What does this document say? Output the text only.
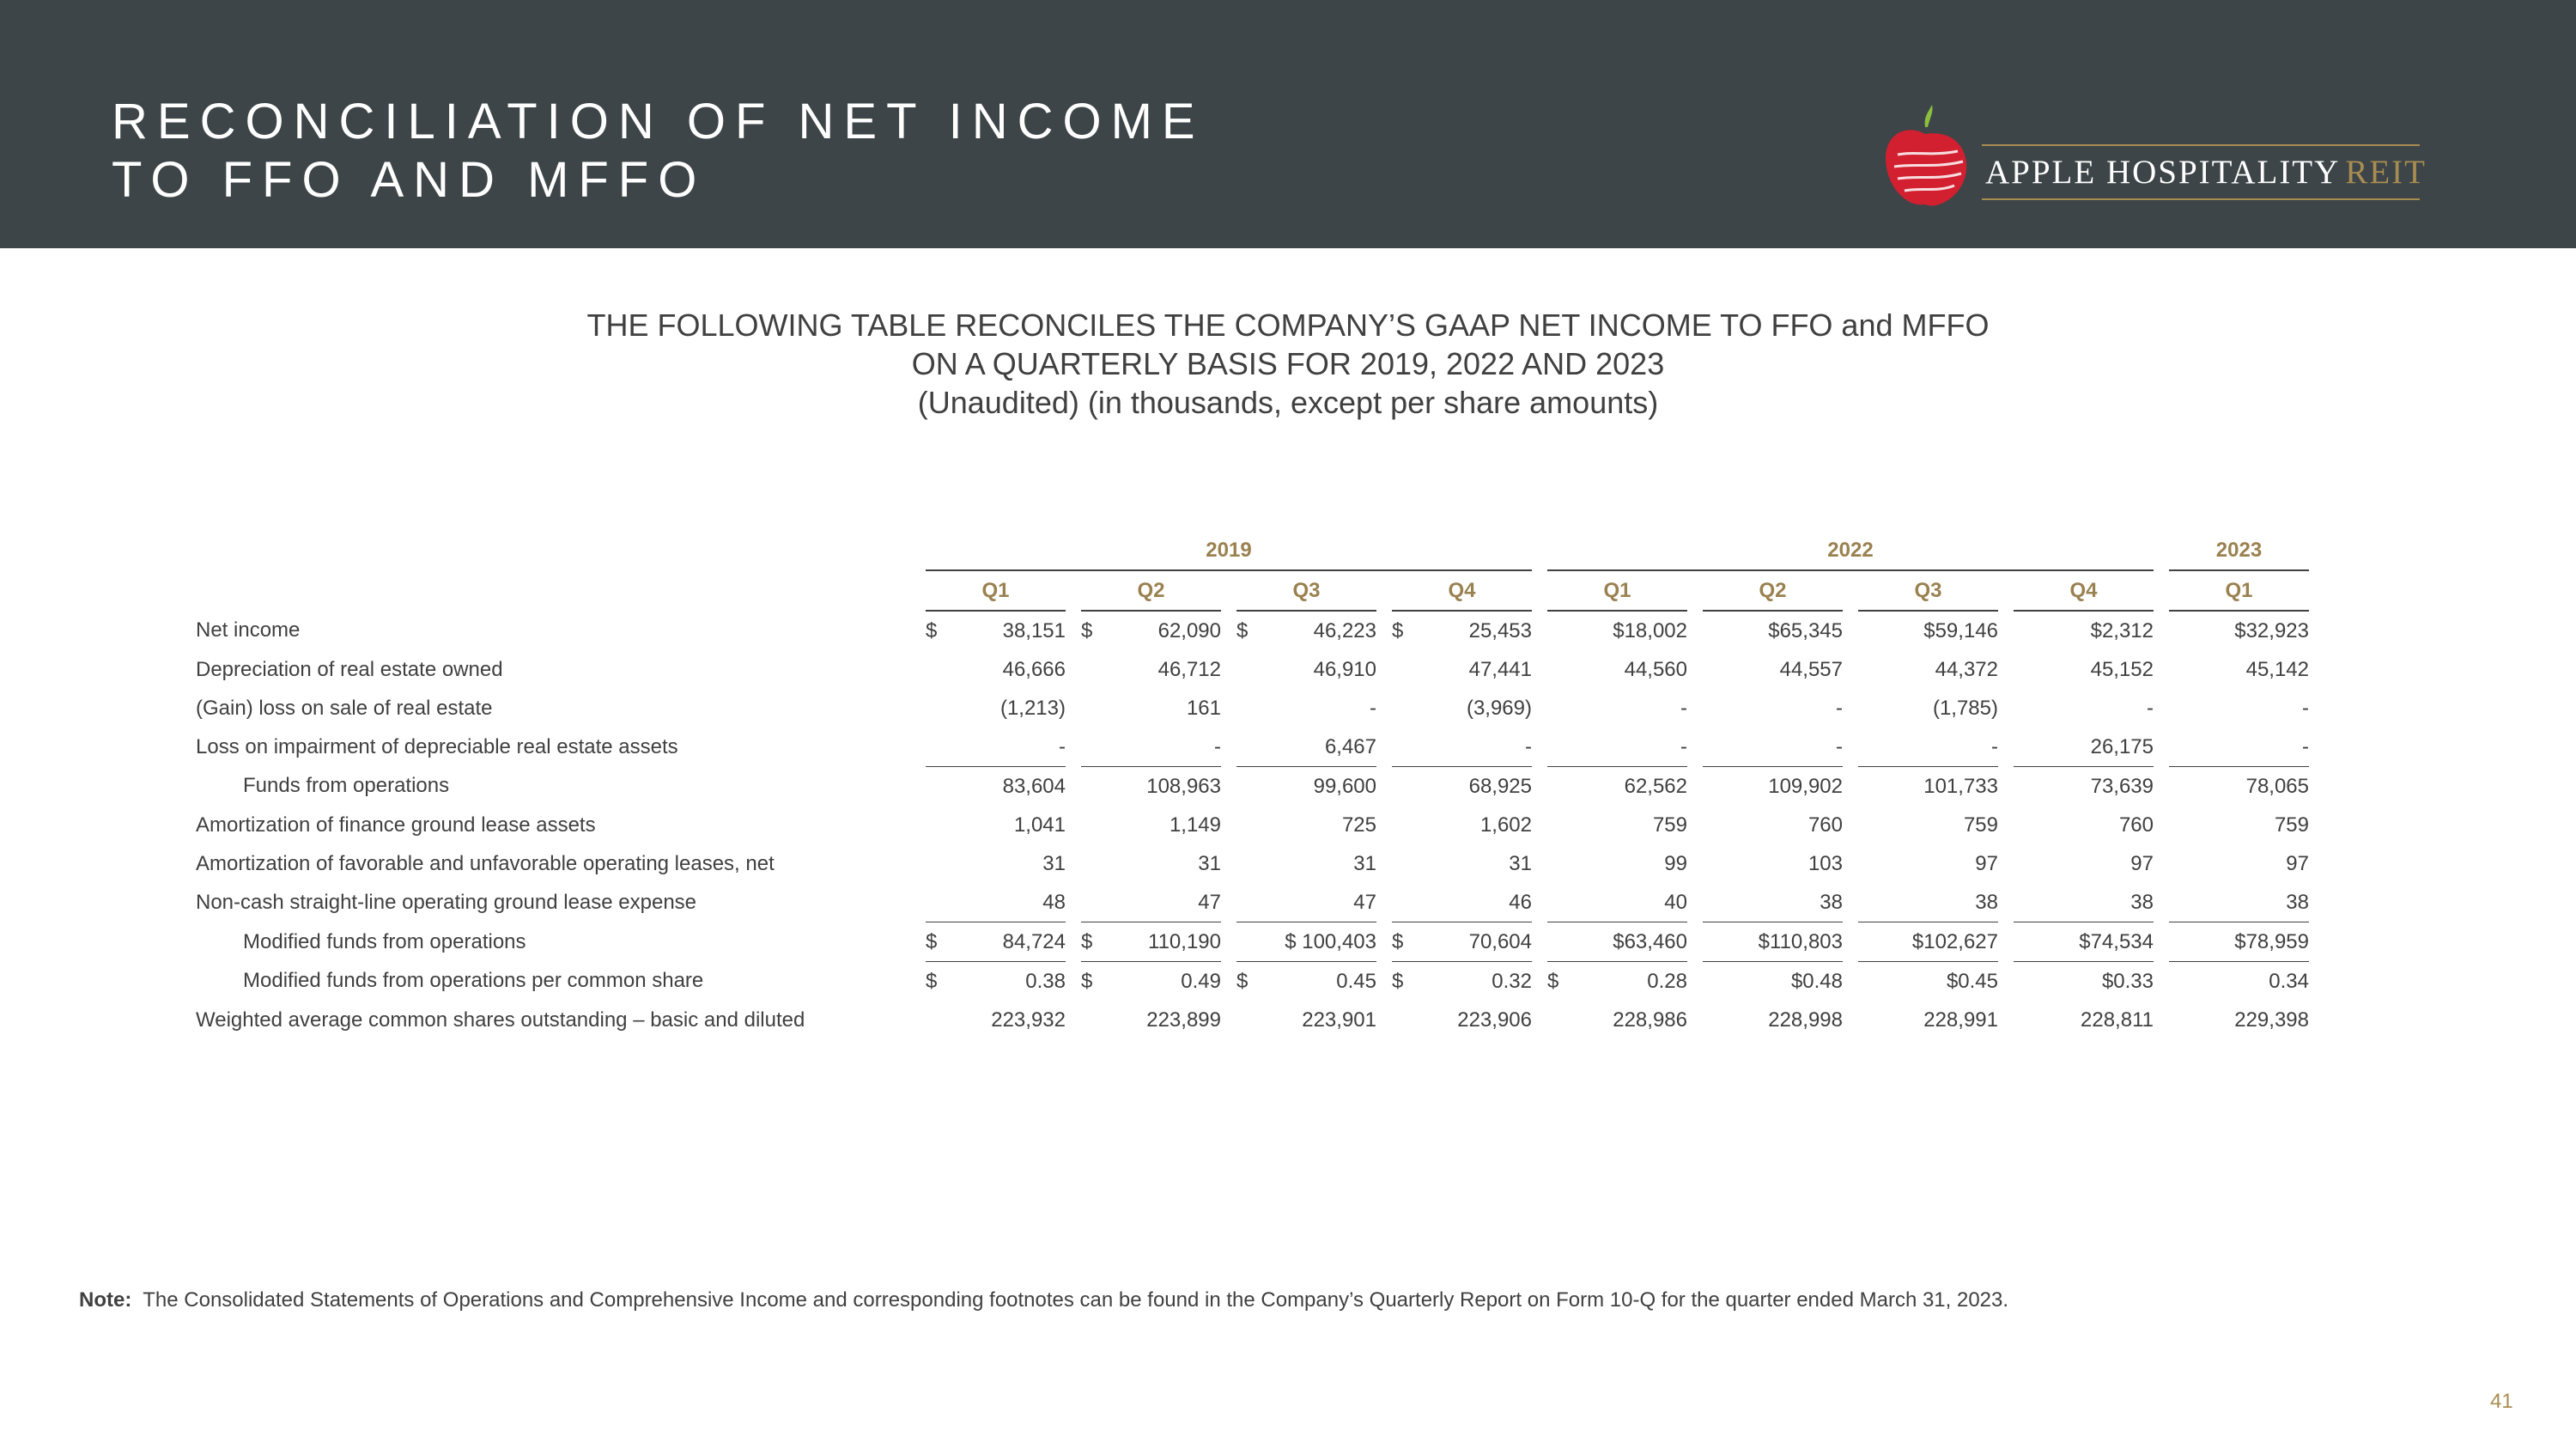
RECONCILIATION OF NET INCOME
TO FFO AND MFFO	APPLE HOSPITALITY REIT
THE FOLLOWING TABLE RECONCILES THE COMPANY’S GAAP NET INCOME TO FFO and MFFO
ON A QUARTERLY BASIS FOR 2019, 2022 AND 2023
(Unaudited) (in thousands, except per share amounts)
	2019								2022								2023
	Q1		Q2		Q3		Q4		Q1		Q2		Q3		Q4		Q1
Net income	$ 38,151		$ 62,090		$ 46,223		$ 25,453		$18,002		$65,345		$59,146		$2,312		$32,923

Depreciation of real estate owned	46,666		46,712		46,910		47,441		44,560		44,557		44,372		45,152		45,142

(Gain) loss on sale of real estate	(1,213)		161		-		(3,969)		-		-		(1,785)		-		-

Loss on impairment of depreciable real estate assets	-		-		6,467		-		-		-		-		26,175		-

Funds from operations	83,604		108,963		99,600		68,925		62,562		109,902		101,733		73,639		78,065

Amortization of finance ground lease assets	1,041		1,149		725		1,602		759		760		759		760		759

Amortization of favorable and unfavorable operating leases, net	31		31		31		31		99		103		97		97		97

Non-cash straight-line operating ground lease expense	48		47		47		46		40		38		38		38		38

Modified funds from operations	$ 84,724		$ 110,190		$ 100,403		$ 70,604		$63,460		$110,803		$102,627		$74,534		$78,959

Modified funds from operations per common share	$ 0.38		$ 0.49		$ 0.45		$ 0.32		$ 0.28		$0.48		$0.45		$0.33		0.34

Weighted average common shares outstanding – basic and diluted	223,932		223,899		223,901		223,906		228,986		228,998		228,991		228,811		229,398
Note: The Consolidated Statements of Operations and Comprehensive Income and corresponding footnotes can be found in the Company’s Quarterly Report on Form 10-Q for the quarter ended March 31, 2023.
41
